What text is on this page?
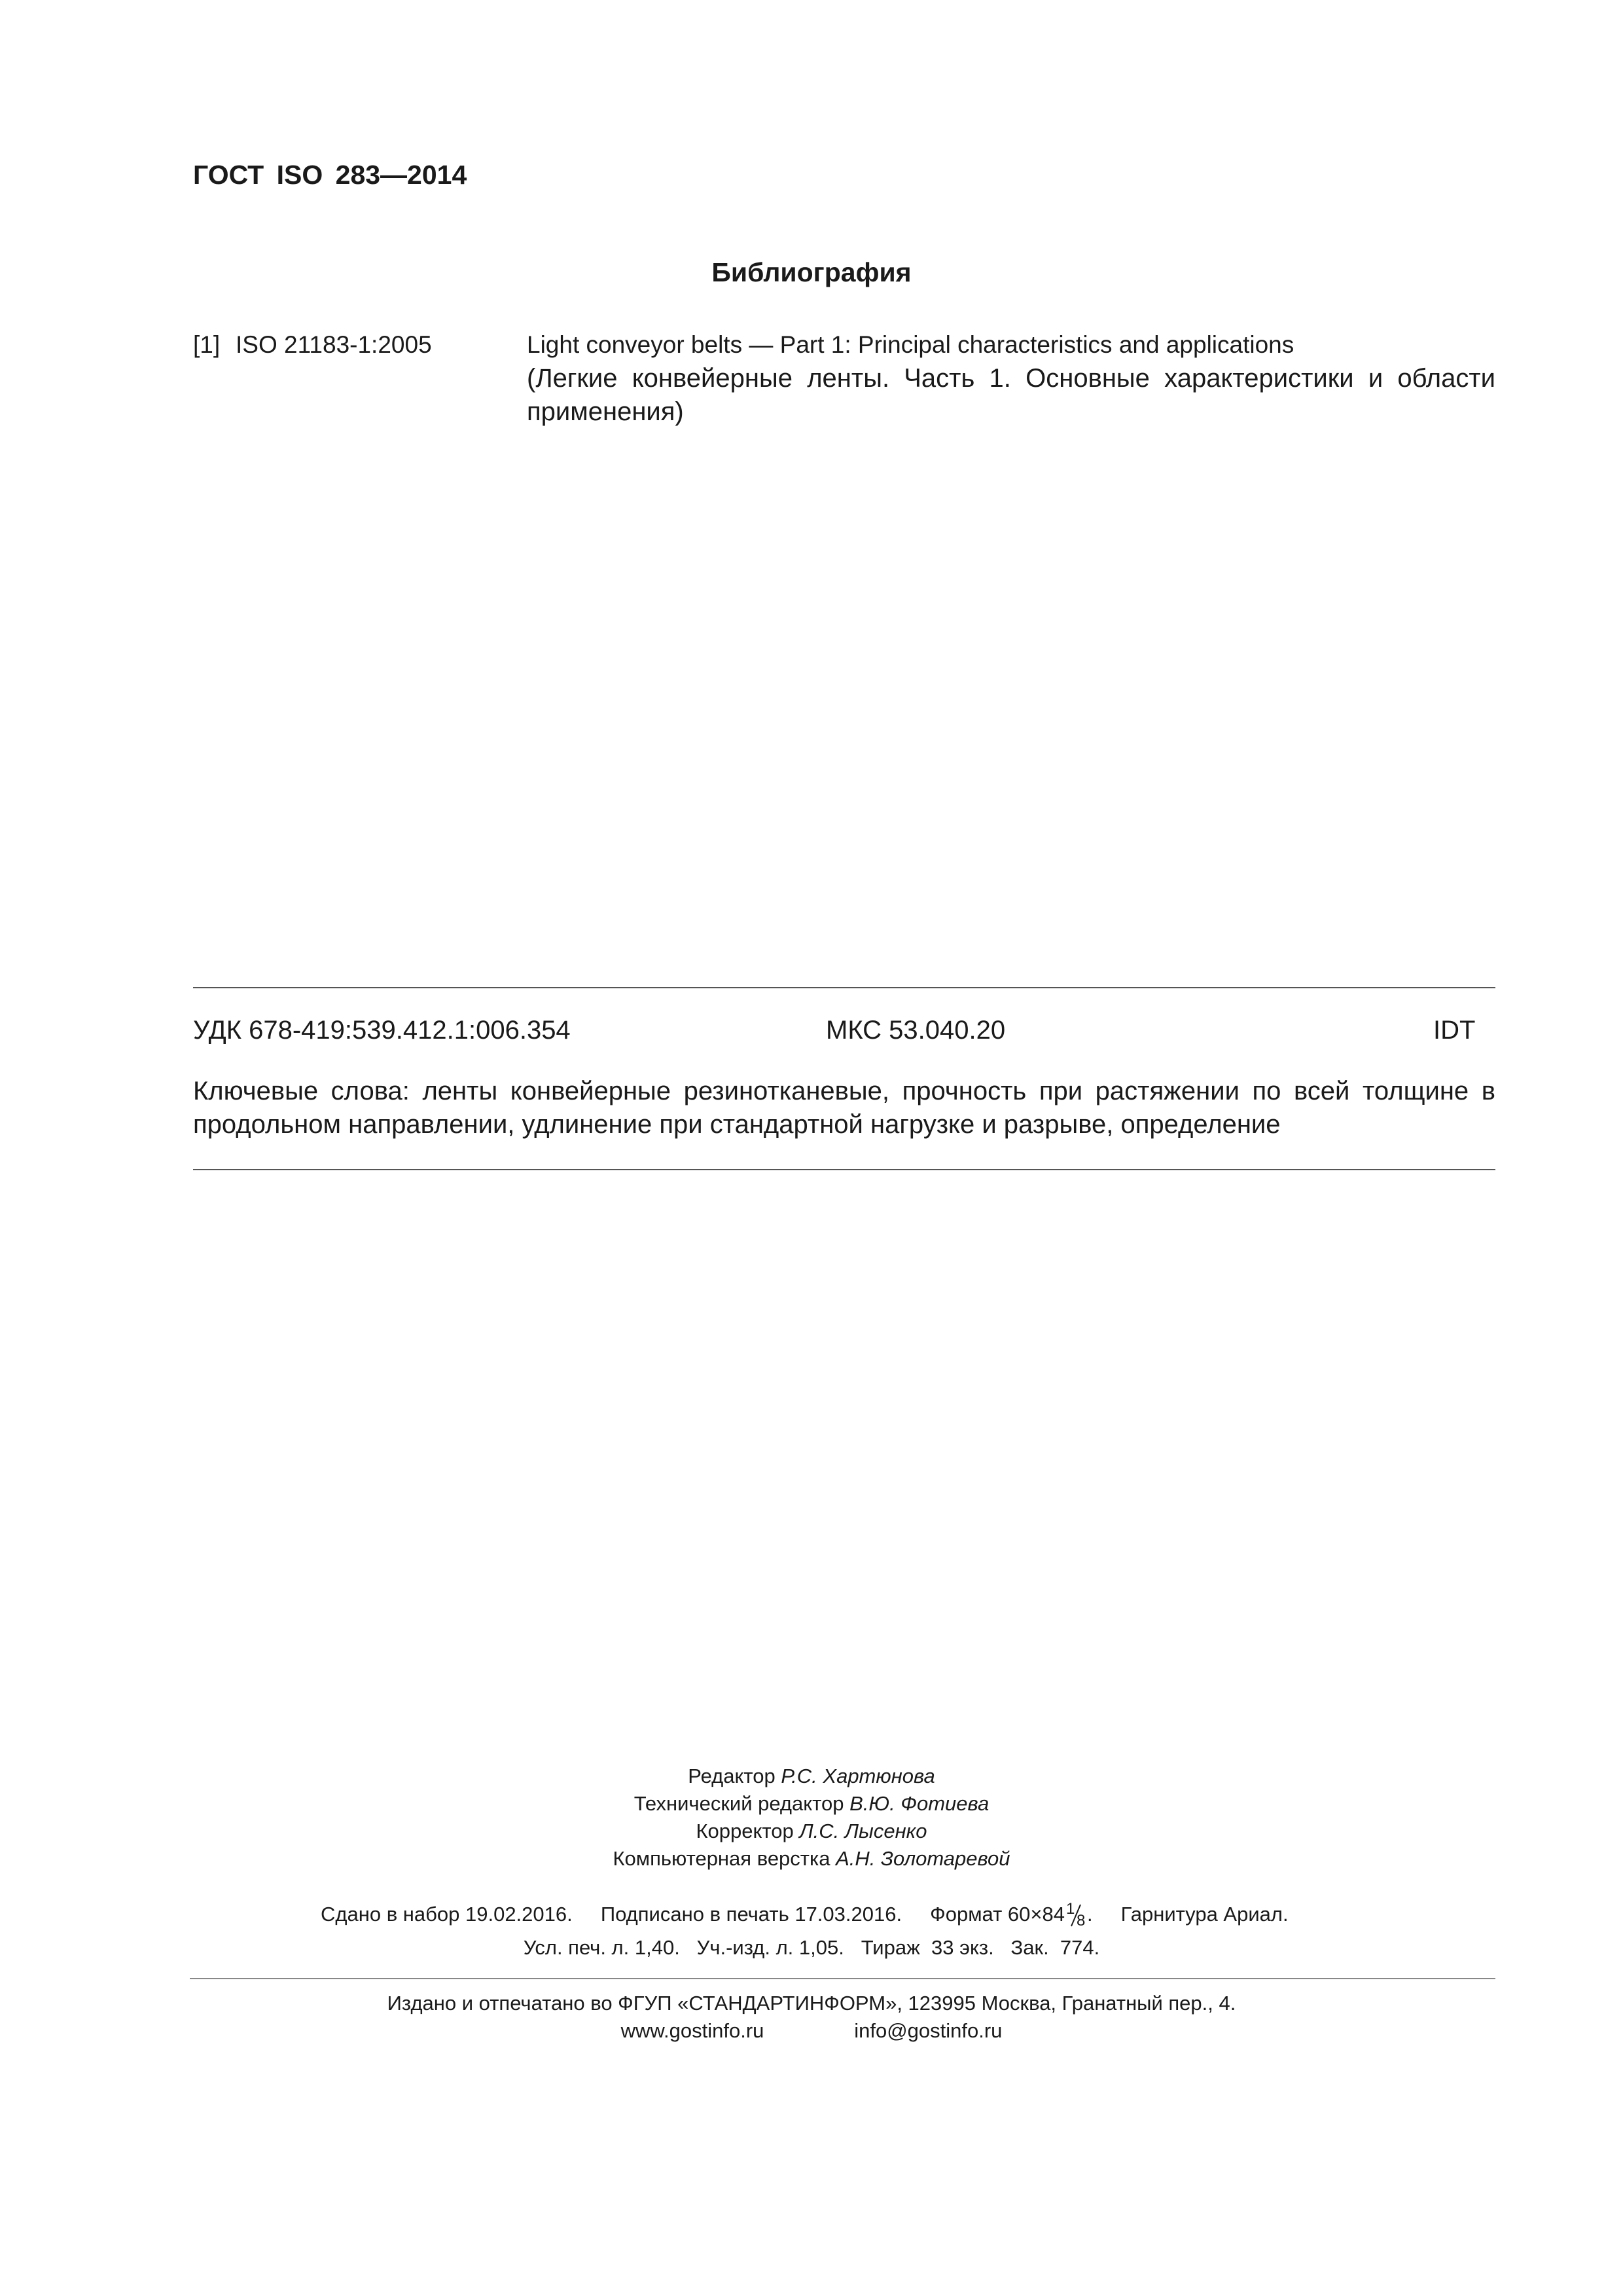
ГОСТ ISO 283—2014
Библиография
[1] ISO 21183-1:2005	Light conveyor belts — Part 1: Principal characteristics and applications
(Легкие конвейерные ленты. Часть 1. Основные характеристики и области применения)
УДК 678-419:539.412.1:006.354	МКС 53.040.20	IDT
Ключевые слова: ленты конвейерные резинотканевые, прочность при растяжении по всей толщине в продольном направлении, удлинение при стандартной нагрузке и разрыве, определение
Редактор Р.С. Хартюнова
Технический редактор В.Ю. Фотиева
Корректор Л.С. Лысенко
Компьютерная верстка А.Н. Золотаревой
Сдано в набор 19.02.2016. Подписано в печать 17.03.2016. Формат 60×84 1
8 .     Гарнитура Ариал.
Усл. печ. л. 1,40. Уч.-изд. л. 1,05. Тираж  33 экз. Зак.  774.
Издано и отпечатано во ФГУП «СТАНДАРТИНФОРМ», 123995 Москва, Гранатный пер., 4.
www.gostinfo.ru	info@gostinfo.ru
